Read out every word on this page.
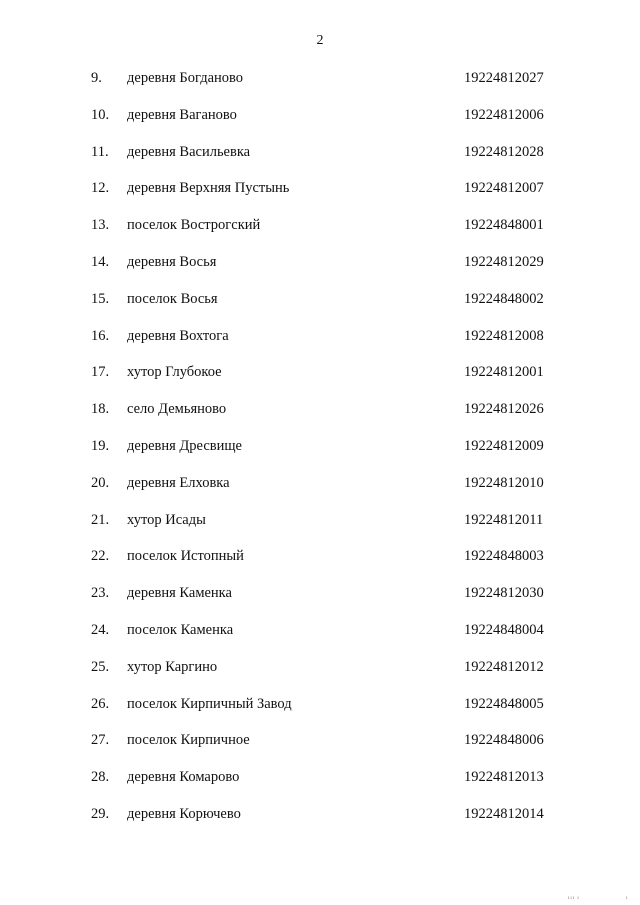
2
9. деревня Богданово	19224812027
10. деревня Ваганово	19224812006
11. деревня Васильевка	19224812028
12. деревня Верхняя Пустынь	19224812007
13. поселок Вострогский	19224848001
14. деревня Восья	19224812029
15. поселок Восья	19224848002
16. деревня Вохтога	19224812008
17. хутор Глубокое	19224812001
18. село Демьяново	19224812026
19. деревня Дресвище	19224812009
20. деревня Елховка	19224812010
21. хутор Исады	19224812011
22. поселок Истопный	19224848003
23. деревня Каменка	19224812030
24. поселок Каменка	19224848004
25. хутор Каргино	19224812012
26. поселок Кирпичный Завод	19224848005
27. поселок Кирпичное	19224848006
28. деревня Комарово	19224812013
29. деревня Корючево	19224812014
ııı ı	ı
